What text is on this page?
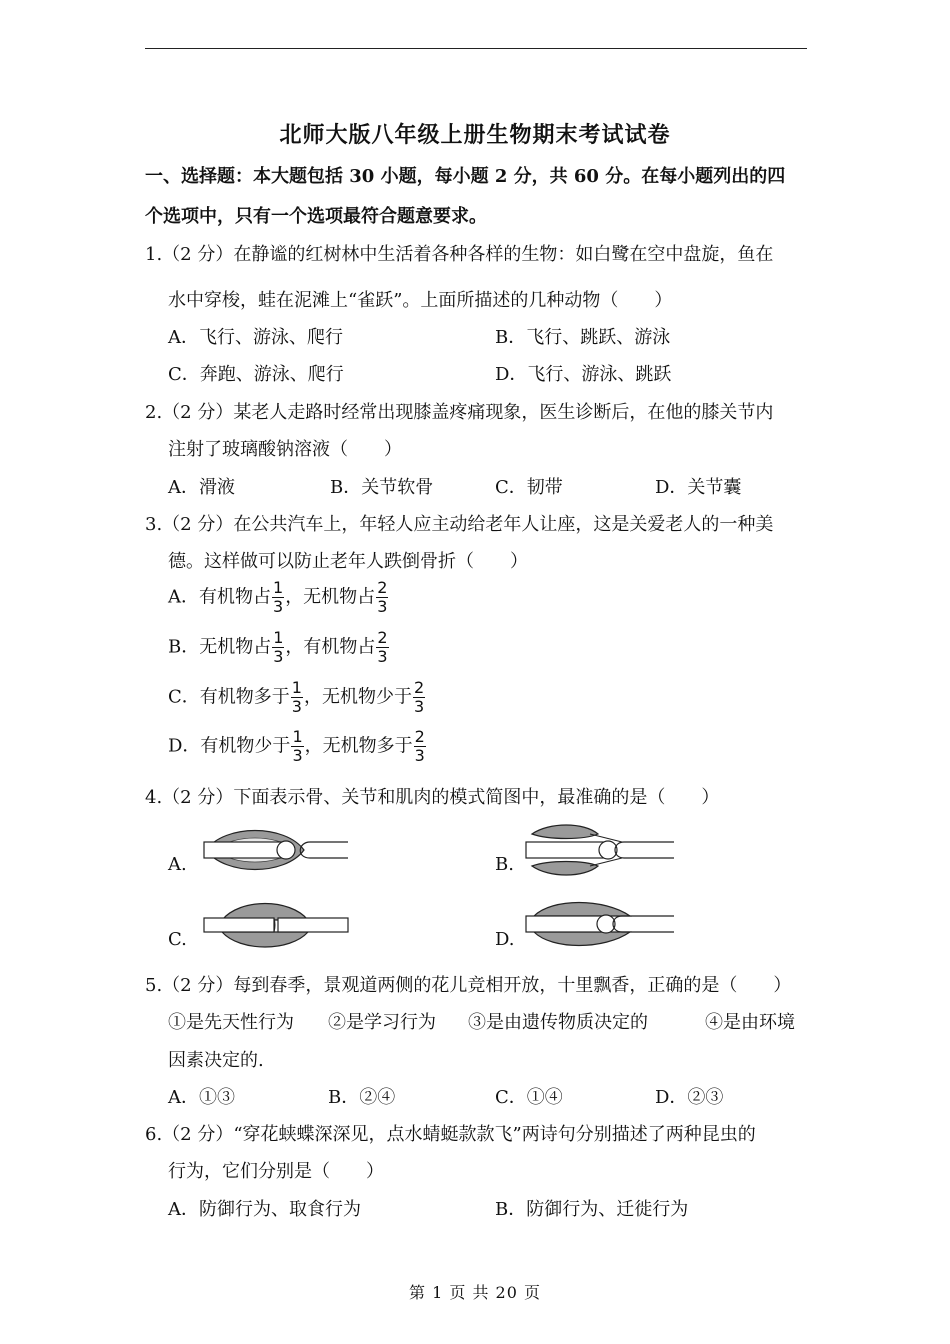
北师大版八年级上册生物期末考试试卷
一、选择题：本大题包括 30 小题，每小题 2 分，共 60 分。在每小题列出的四
个选项中，只有一个选项最符合题意要求。
1.（2 分）在静谧的红树林中生活着各种各样的生物：如白鹭在空中盘旋，鱼在
水中穿梭，蛙在泥滩上“雀跃”。上面所描述的几种动物（　　）
A．飞行、游泳、爬行	B．飞行、跳跃、游泳
C．奔跑、游泳、爬行	D．飞行、游泳、跳跃
2.（2 分）某老人走路时经常出现膝盖疼痛现象，医生诊断后，在他的膝关节内
注射了玻璃酸钠溶液（　　）
A．滑液	B．关节软骨	C．韧带	D．关节囊
3.（2 分）在公共汽车上，年轻人应主动给老年人让座，这是关爱老人的一种美
德。这样做可以防止老年人跌倒骨折（　　）
A．有机物占 $\frac{1}{3}$ ，无机物占 $\frac{2}{3}$
B．无机物占 $\frac{1}{3}$ ，有机物占 $\frac{2}{3}$
C．有机物多于 $\frac{1}{3}$ ，无机物少于 $\frac{2}{3}$
D．有机物少于 $\frac{1}{3}$ ，无机物多于 $\frac{2}{3}$
4.（2 分）下面表示骨、关节和肌肉的模式简图中，最准确的是（　　）
A.	B.
C.	D.
5.（2 分）每到春季，景观道两侧的花儿竞相开放，十里飘香，正确的是（　　）
①是先天性行为 ②是学习行为 ③是由遗传物质决定的	④是由环境
因素决定的.
A．①③	B．②④	C．①④	D．②③
6.（2 分）“穿花蛱蝶深深见，点水蜻蜓款款飞”两诗句分别描述了两种昆虫的
行为，它们分别是（　　）
A．防御行为、取食行为	B．防御行为、迁徙行为
第 1 页 共 20 页
